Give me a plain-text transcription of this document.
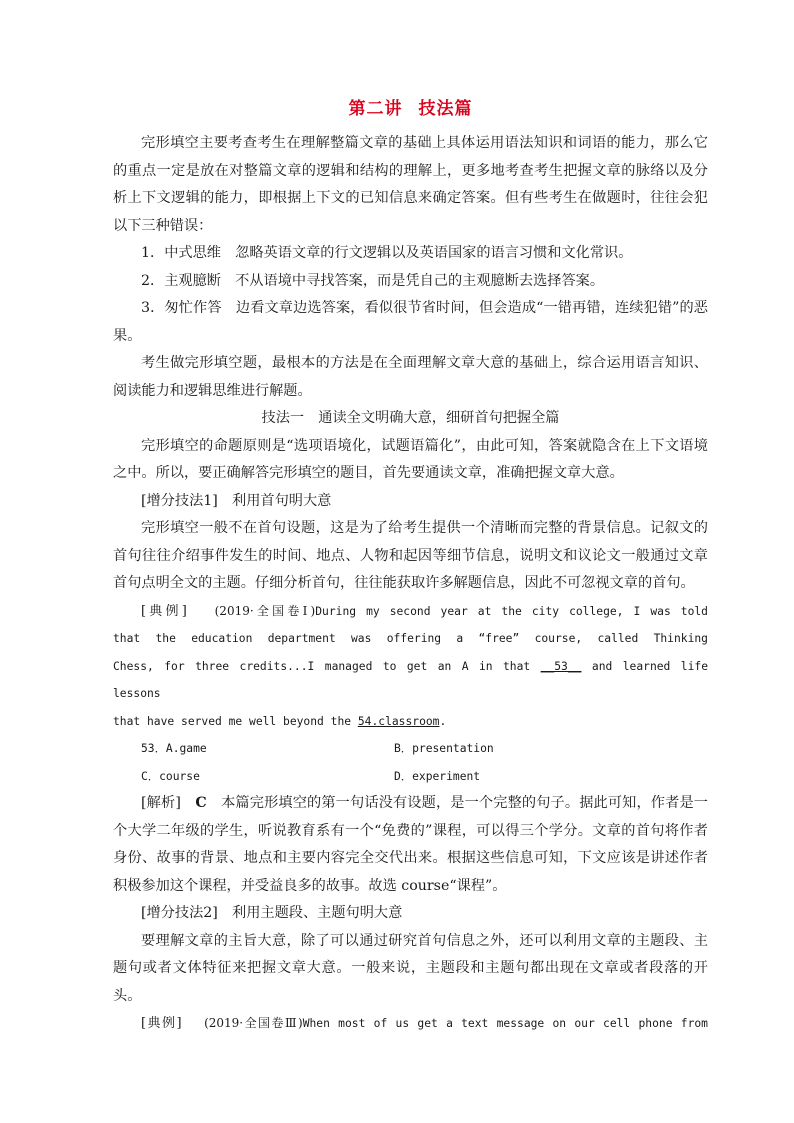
第二讲 技法篇

完形填空主要考查考生在理解整篇文章的基础上具体运用语法知识和词语的能力，那么它的重点一定是放在对整篇文章的逻辑和结构的理解上，更多地考查考生把握文章的脉络以及分析上下文逻辑的能力，即根据上下文的已知信息来确定答案。但有些考生在做题时，往往会犯以下三种错误：

1．中式思维　忽略英语文章的行文逻辑以及英语国家的语言习惯和文化常识。

2．主观臆断　不从语境中寻找答案，而是凭自己的主观臆断去选择答案。

3．匆忙作答　边看文章边选答案，看似很节省时间，但会造成“一错再错，连续犯错”的恶果。

考生做完形填空题，最根本的方法是在全面理解文章大意的基础上，综合运用语言知识、阅读能力和逻辑思维进行解题。

技法一　通读全文明确大意，细研首句把握全篇

完形填空的命题原则是“选项语境化，试题语篇化”，由此可知，答案就隐含在上下文语境之中。所以，要正确解答完形填空的题目，首先要通读文章，准确把握文章大意。

[增分技法1]　利用首句明大意

完形填空一般不在首句设题，这是为了给考生提供一个清晰而完整的背景信息。记叙文的首句往往介绍事件发生的时间、地点、人物和起因等细节信息，说明文和议论文一般通过文章首句点明全文的主题。仔细分析首句，往往能获取许多解题信息，因此不可忽视文章的首句。

[典例]　 (2019·全国卷Ⅰ)During my second year at the city college, I was told
that the education department was offering a “free” course, called Thinking
Chess, for three credits...I managed to get an A in that __53__ and learned life lessons
that have served me well beyond the 54.classroom.
53．A.game	B．presentation
C．course	D．experiment

[解析]　 C　 本篇完形填空的第一句话没有设题，是一个完整的句子。据此可知，作者是一个大学二年级的学生，听说教育系有一个“免费的”课程，可以得三个学分。文章的首句将作者身份、故事的背景、地点和主要内容完全交代出来。根据这些信息可知，下文应该是讲述作者积极参加这个课程，并受益良多的故事。故选 course“课程”。

[增分技法2]　利用主题段、主题句明大意

要理解文章的主旨大意，除了可以通过研究首句信息之外，还可以利用文章的主题段、主题句或者文体特征来把握文章大意。一般来说，主题段和主题句都出现在文章或者段落的开头。

[典例]　 (2019·全国卷Ⅲ)When most of us get a text message on our cell phone from
